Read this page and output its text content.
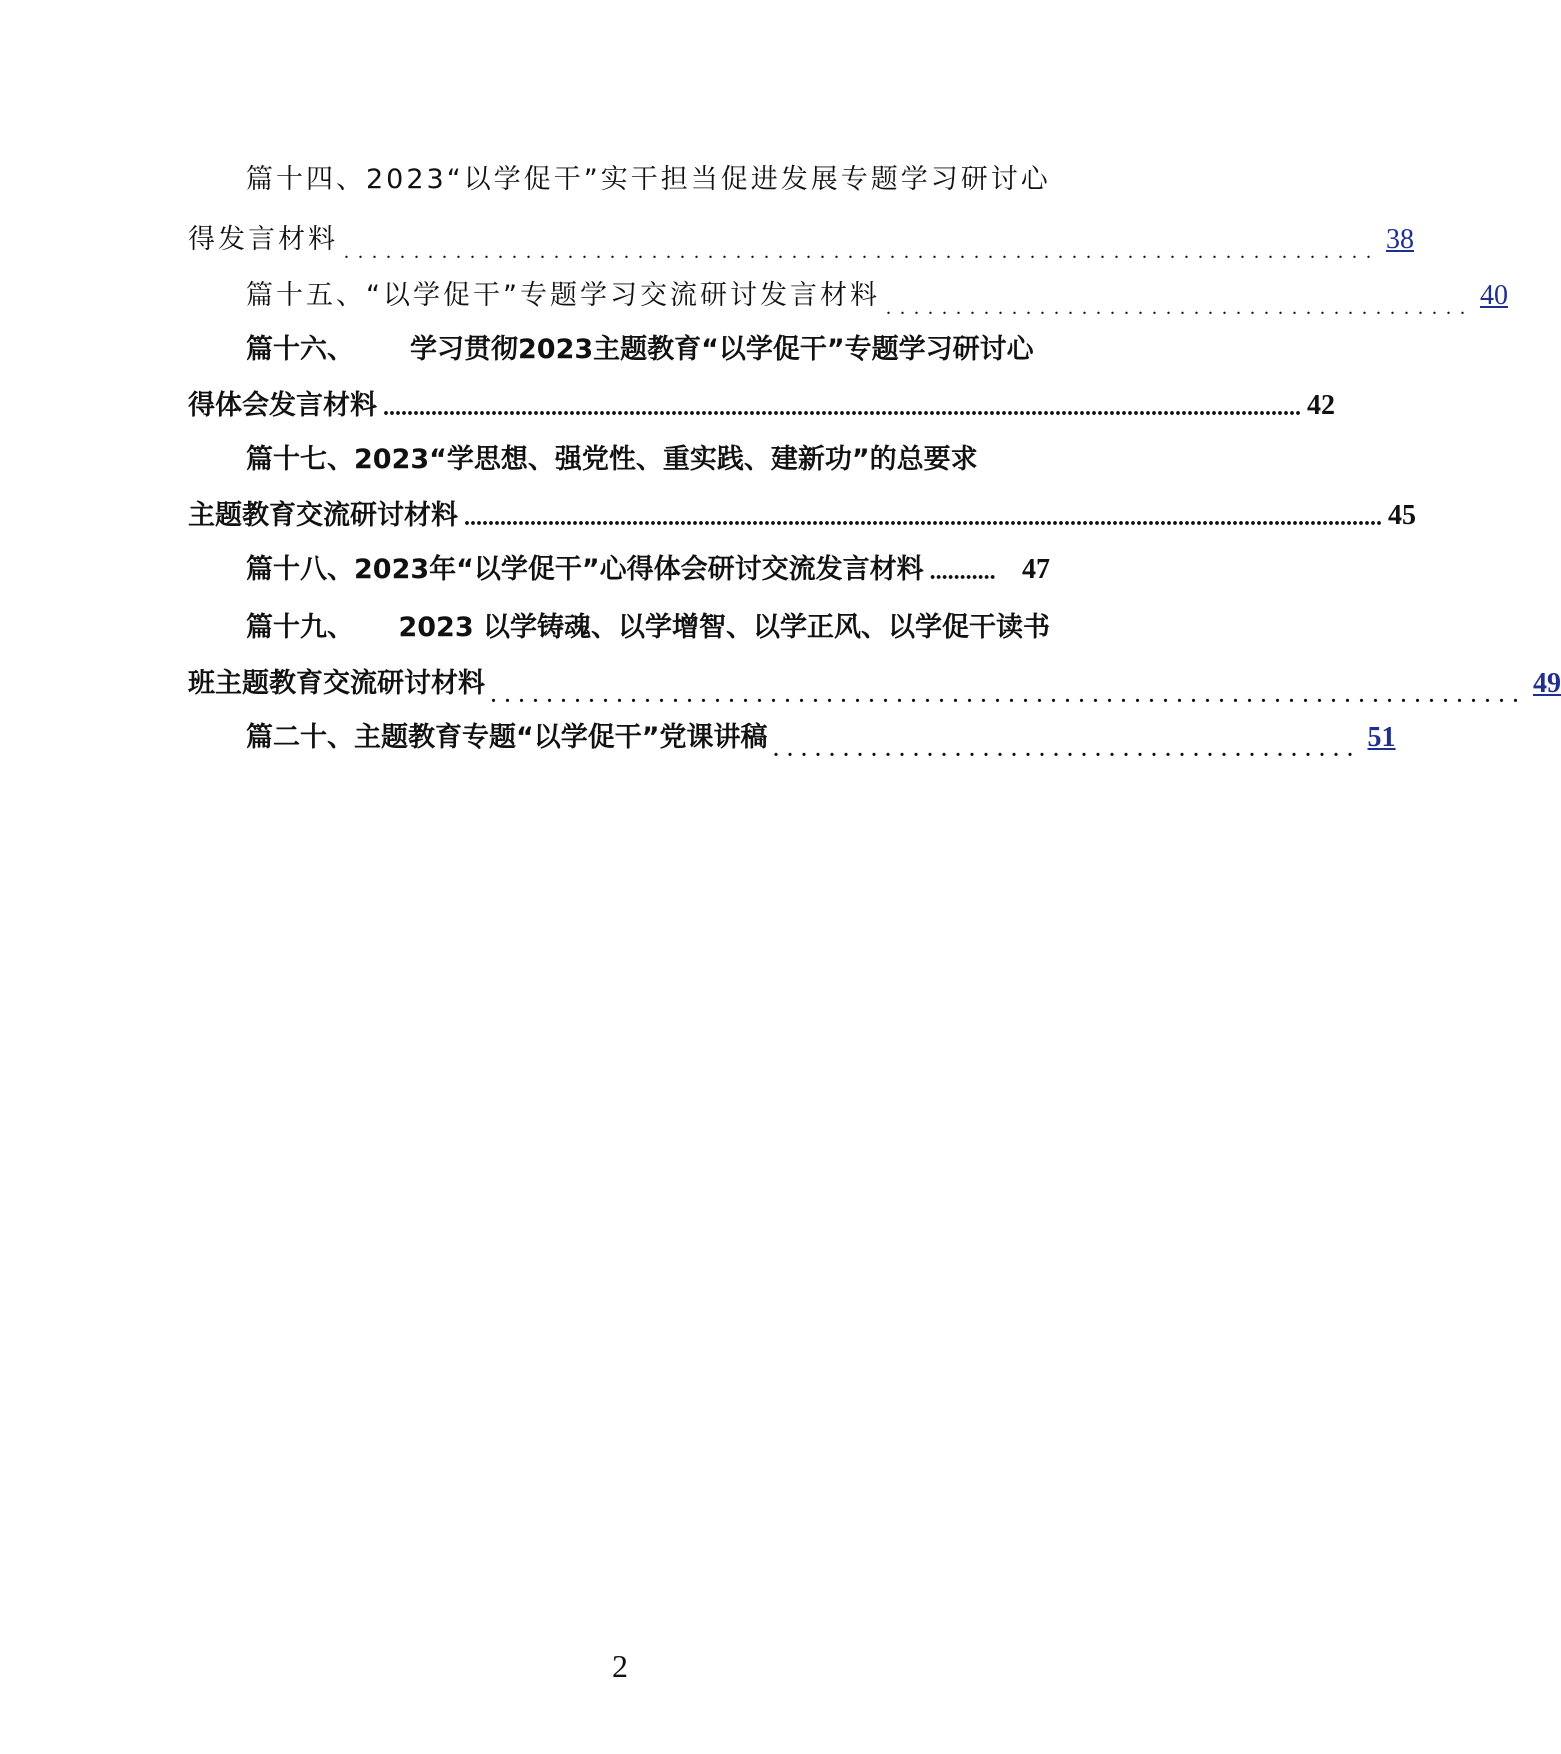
篇十四、2023“以学促干”实干担当促进发展专题学习研讨心
得发言材料 .......................................................................... 38
篇十五、“以学促干”专题学习交流研讨发言材料 .......................................... 40
篇十六、 学习贯彻2023主题教育“以学促干”专题学习研讨心
得体会发言材料 ......................................................................................................................................................... 42
篇十七、2023“学思想、强党性、重实践、建新功”的总要求
主题教育交流研讨材料 ......................................................................................................................................................... 45
篇十八、2023年“以学促干”心得体会研讨交流发言材料 ........... 47
篇十九、 2023 以学铸魂、以学增智、以学正风、以学促干读书
班主题教育交流研讨材料 .......................................................................... 49
篇二十、 主题教育专题“以学促干”党课讲稿 .......................................... 51
2
